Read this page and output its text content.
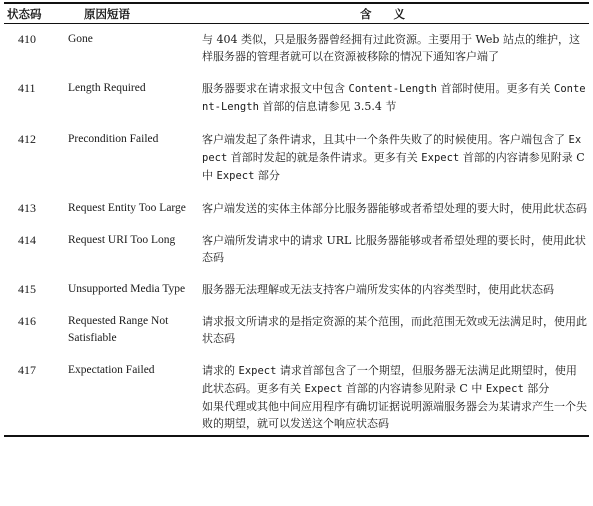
状态码	原因短语	含义
410	Gone	与 404 类似，只是服务器曾经拥有过此资源。主要用于 Web 站点的维护，这样服务器的管理者就可以在资源被移除的情况下通知客户端了
411	Length Required	服务器要求在请求报文中包含 Content-Length 首部时使用。更多有关 Content-Length 首部的信息请参见 3.5.4 节
412	Precondition Failed	客户端发起了条件请求，且其中一个条件失败了的时候使用。客户端包含了 Expect 首部时发起的就是条件请求。更多有关 Expect 首部的内容请参见附录 C 中 Expect 部分
413	Request Entity Too Large	客户端发送的实体主体部分比服务器能够或者希望处理的要大时，使用此状态码
414	Request URI Too Long	客户端所发请求中的请求 URL 比服务器能够或者希望处理的要长时，使用此状态码
415	Unsupported Media Type	服务器无法理解或无法支持客户端所发实体的内容类型时，使用此状态码
416	Requested Range Not Satisfiable	请求报文所请求的是指定资源的某个范围，而此范围无效或无法满足时，使用此状态码
417	Expectation Failed	请求的 Expect 请求首部包含了一个期望，但服务器无法满足此期望时，使用此状态码。更多有关 Expect 首部的内容请参见附录 C 中 Expect 部分
如果代理或其他中间应用程序有确切证据说明源端服务器会为某请求产生一个失败的期望，就可以发送这个响应状态码
